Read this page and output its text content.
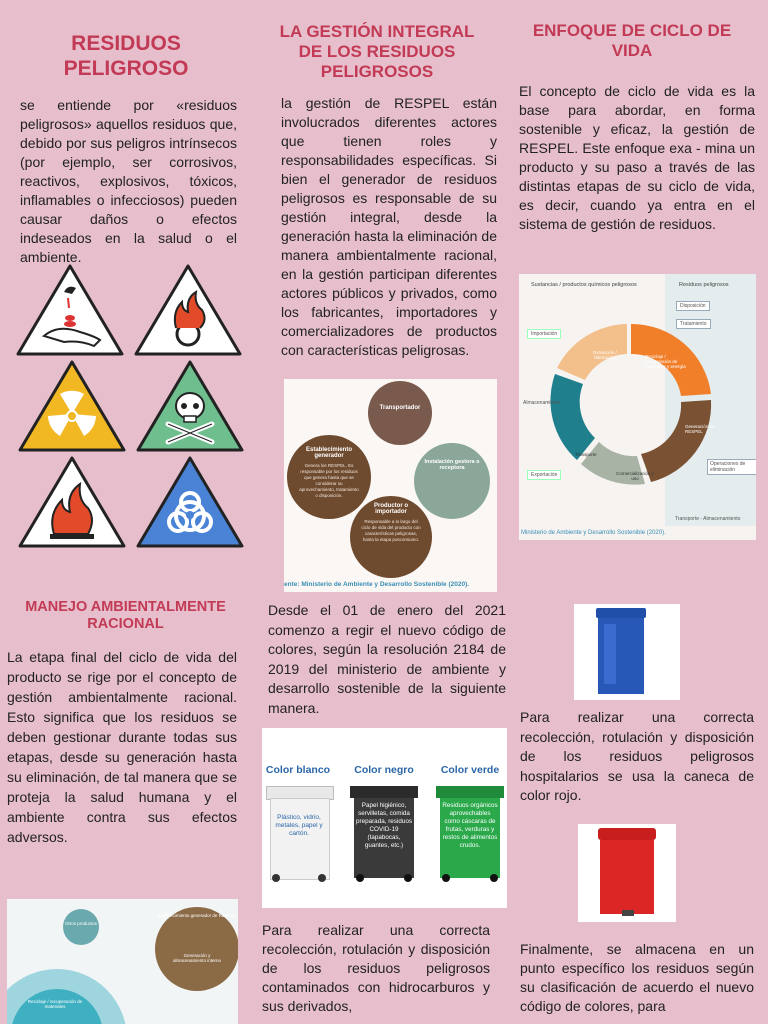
RESIDUOS
PELIGROSO

se entiende por «residuos peligrosos» aquellos residuos que, debido por sus peligros intrínsecos (por ejemplo, ser corrosivos, reactivos, explosivos, tóxicos, inflamables o infecciosos) pueden causar daños o efectos indeseados en la salud o el ambiente.

LA GESTIÓN INTEGRAL
DE LOS RESIDUOS
PELIGROSOS

la gestión de RESPEL están involucrados diferentes actores que tienen roles y responsabilidades específicas. Si bien el generador de residuos peligrosos es responsable de su gestión integral, desde la generación hasta la eliminación de manera ambientalmente racional, en la gestión participan diferentes actores públicos y privados, como los fabricantes, importadores y comercializadores de productos con características peligrosas.

Transportador
Establecimiento generador
Genera los RESPEL. Es responsable por los residuos que genera hasta que se considerar su aprovechamiento, tratamiento o disposición.
Instalación gestora o receptora
Productor o importador
Responsable a lo largo del ciclo de vida del producto con características peligrosas, hasta la etapa posconsumo.
ente: Ministerio de Ambiente y Desarrollo Sostenible (2020).
ENFOQUE DE CICLO DE
VIDA

El concepto de ciclo de vida es la base para abordar, en forma sostenible y eficaz, la gestión de RESPEL. Este enfoque exa - mina un producto y su paso a través de las distintas etapas de su ciclo de vida, es decir, cuando ya entra en el sistema de gestión de residuos.

Sustancias / productos químicos peligrosos	Residuos peligrosos
Importación
Almacenamiento
Exportación
Disposición
Tratamiento
Operaciones de eliminación
Transporte - Almacenamiento
Extracción / fabricación	Reciclaje / recuperación de materiales y energía
Generación de RESPEL
Comercialización y uso
Transporte
Ministerio de Ambiente y Desarrollo Sostenible (2020).
MANEJO AMBIENTALMENTE
RACIONAL

La etapa final del ciclo de vida del producto se rige por el concepto de gestión ambientalmente racional. Esto significa que los residuos se deben gestionar durante todas sus etapas, desde su generación hasta su eliminación, de tal manera que se proteja la salud humana y el ambiente contra sus efectos adversos.

Otros productos
Establecimiento generador de RESPEL
Generación y almacenamiento interno
Reciclaje / recuperación de materiales

Desde el 01 de enero del 2021 comenzo a regir el nuevo código de colores, según la resolución 2184 de 2019 del ministerio de ambiente y desarrollo sostenible de la siguiente manera.

Color blanco
Plástico, vidrio, metales, papel y cartón.
Color negro
Papel higiénico, servilletas, comida preparada, residuos COVID-19 (tapabocas, guantes, etc.)
Color verde
Residuos orgánicos aprovechables como cáscaras de frutas, verduras y restos de alimentos crudos.

Para realizar una correcta recolección, rotulación y disposición de los residuos peligrosos contaminados con hidrocarburos y sus derivados,

Para realizar una correcta recolección, rotulación y disposición de los residuos peligrosos hospitalarios se usa la caneca de color rojo.

Finalmente, se almacena en un punto específico los residuos según su clasificación de acuerdo el nuevo código de colores, para
